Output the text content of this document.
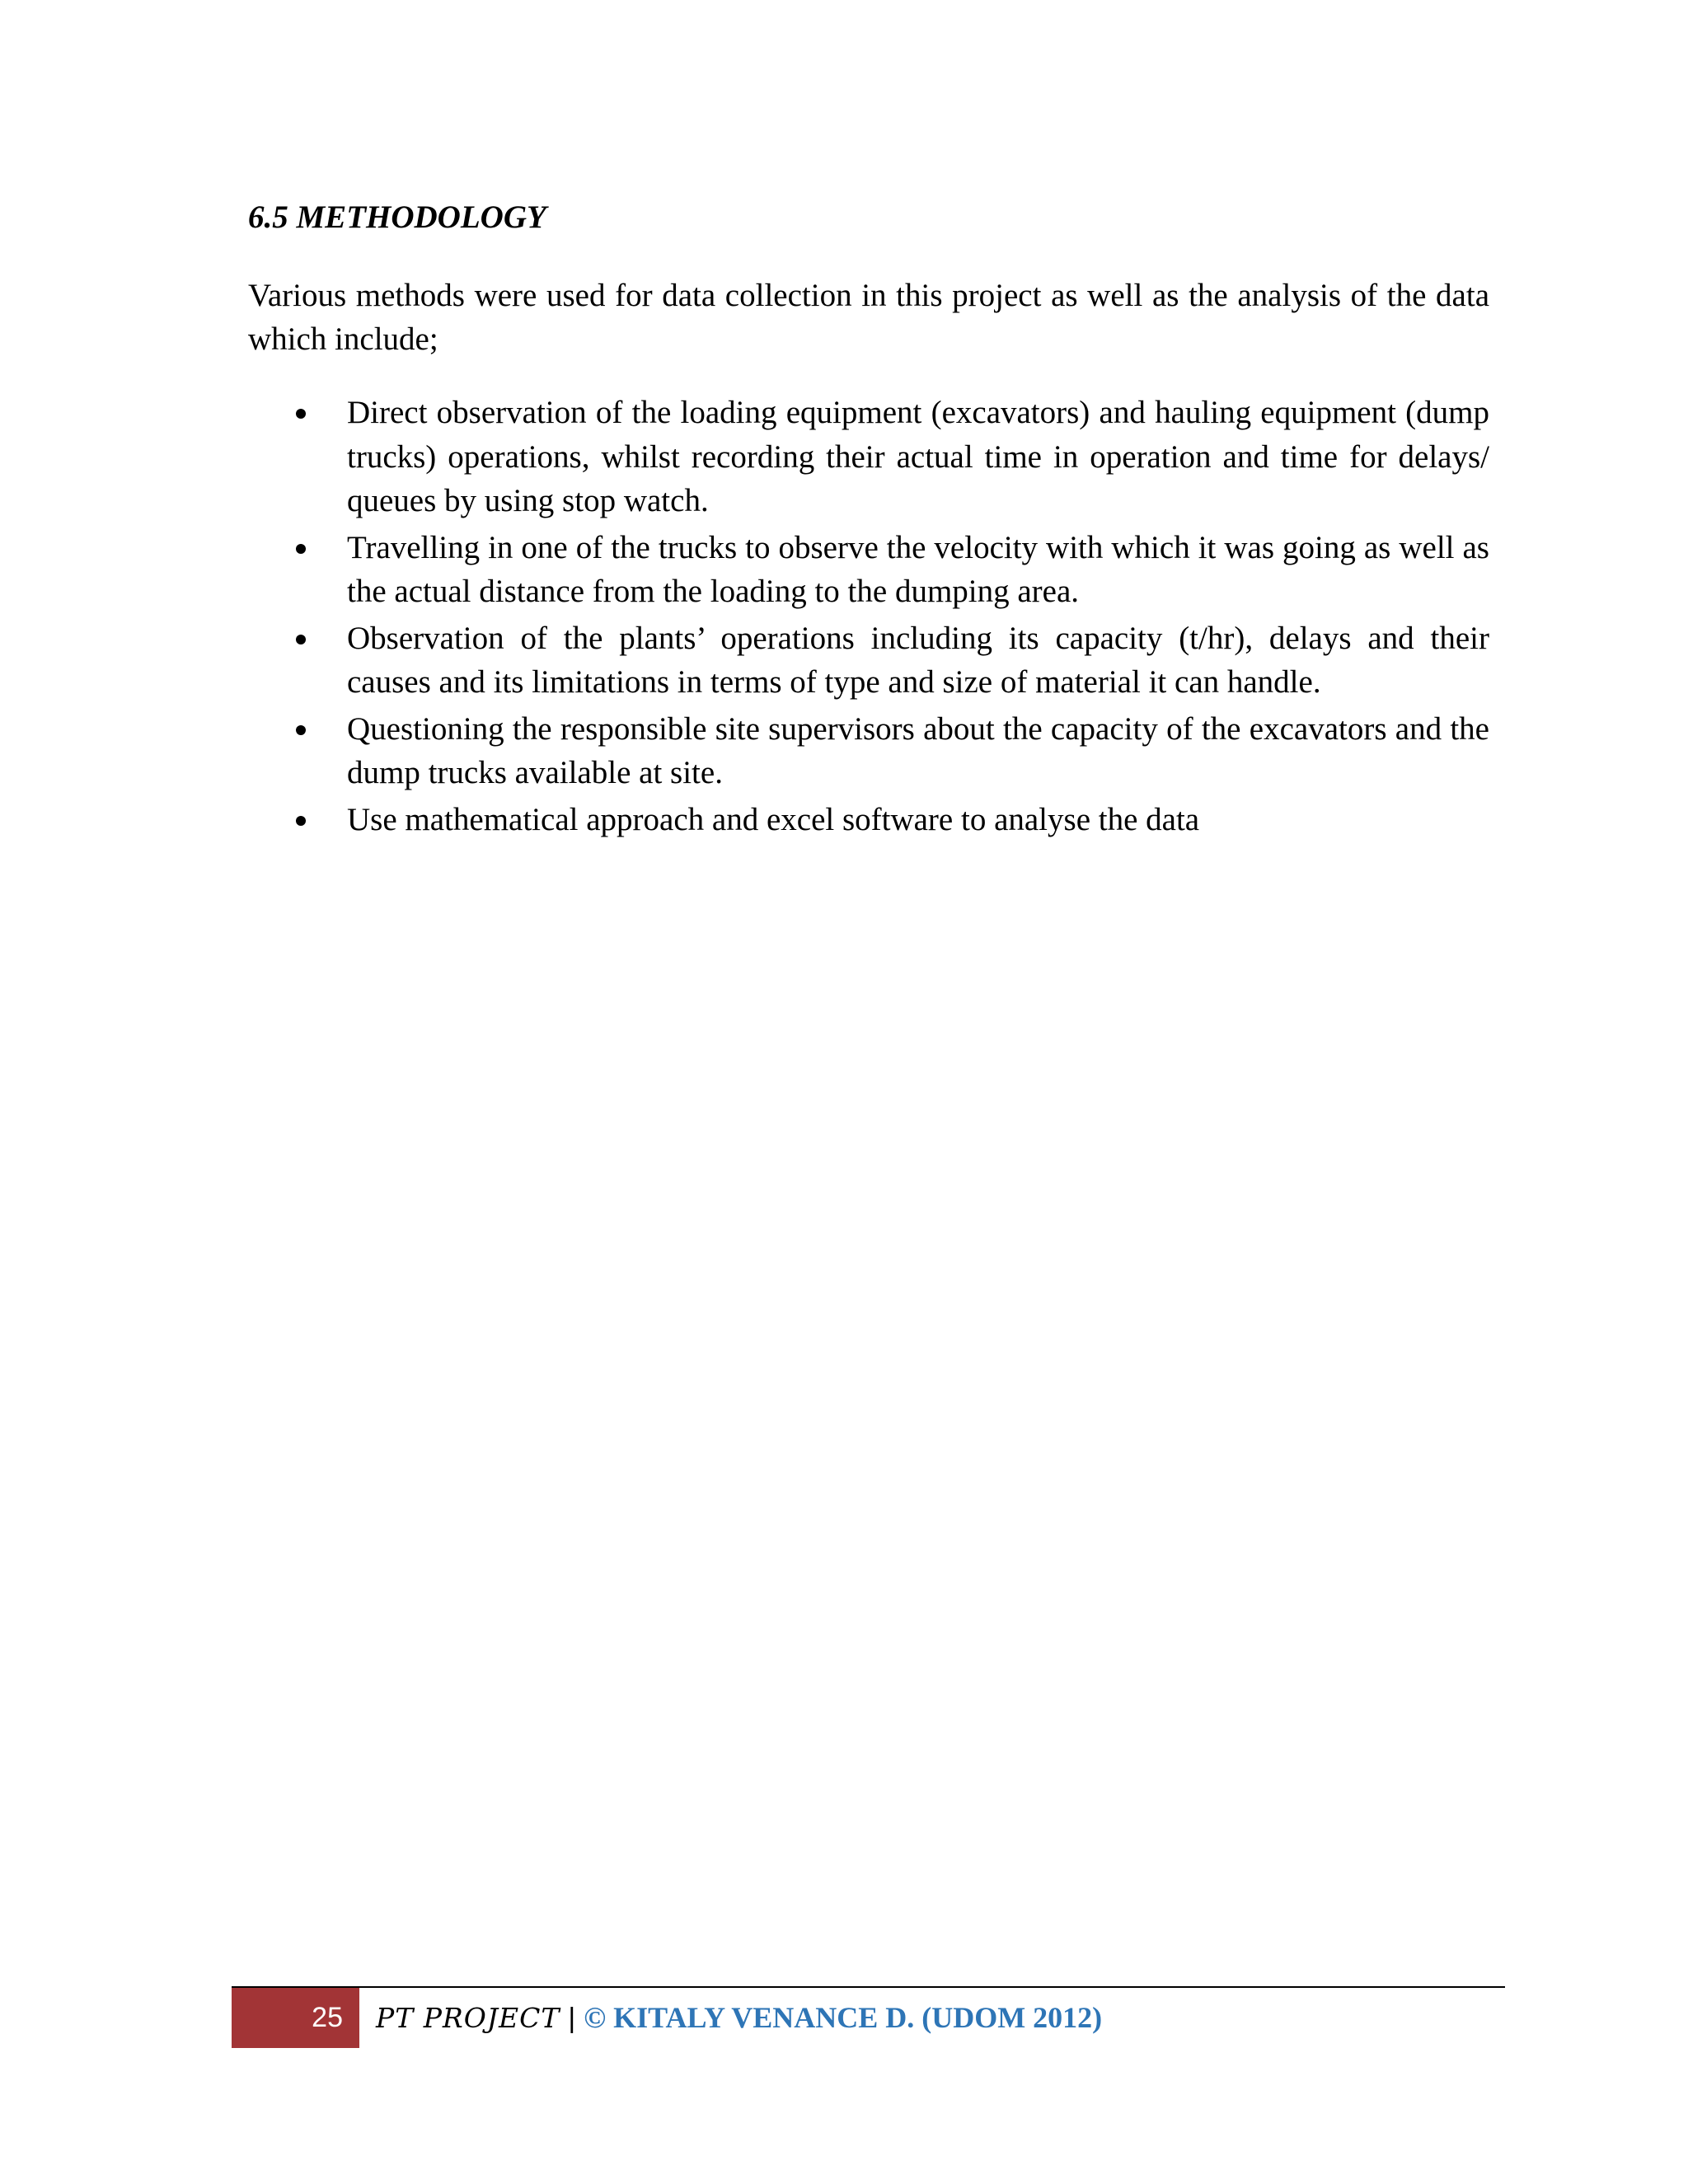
6.5 METHODOLOGY

Various methods were used for data collection in this project as well as the analysis of the data which include;

Direct observation of the loading equipment (excavators) and hauling equipment (dump trucks) operations, whilst recording their actual time in operation and time for delays/ queues by using stop watch.
Travelling in one of the trucks to observe the velocity with which it was going as well as the actual distance from the loading to the dumping area.
Observation of the plants’ operations including its capacity (t/hr), delays and their causes and its limitations in terms of type and size of material it can handle.
Questioning the responsible site supervisors about the capacity of the excavators and the dump trucks available at site.
Use mathematical approach and excel software to analyse the data
25	PT PROJECT | © KITALY VENANCE D. (UDOM 2012)
